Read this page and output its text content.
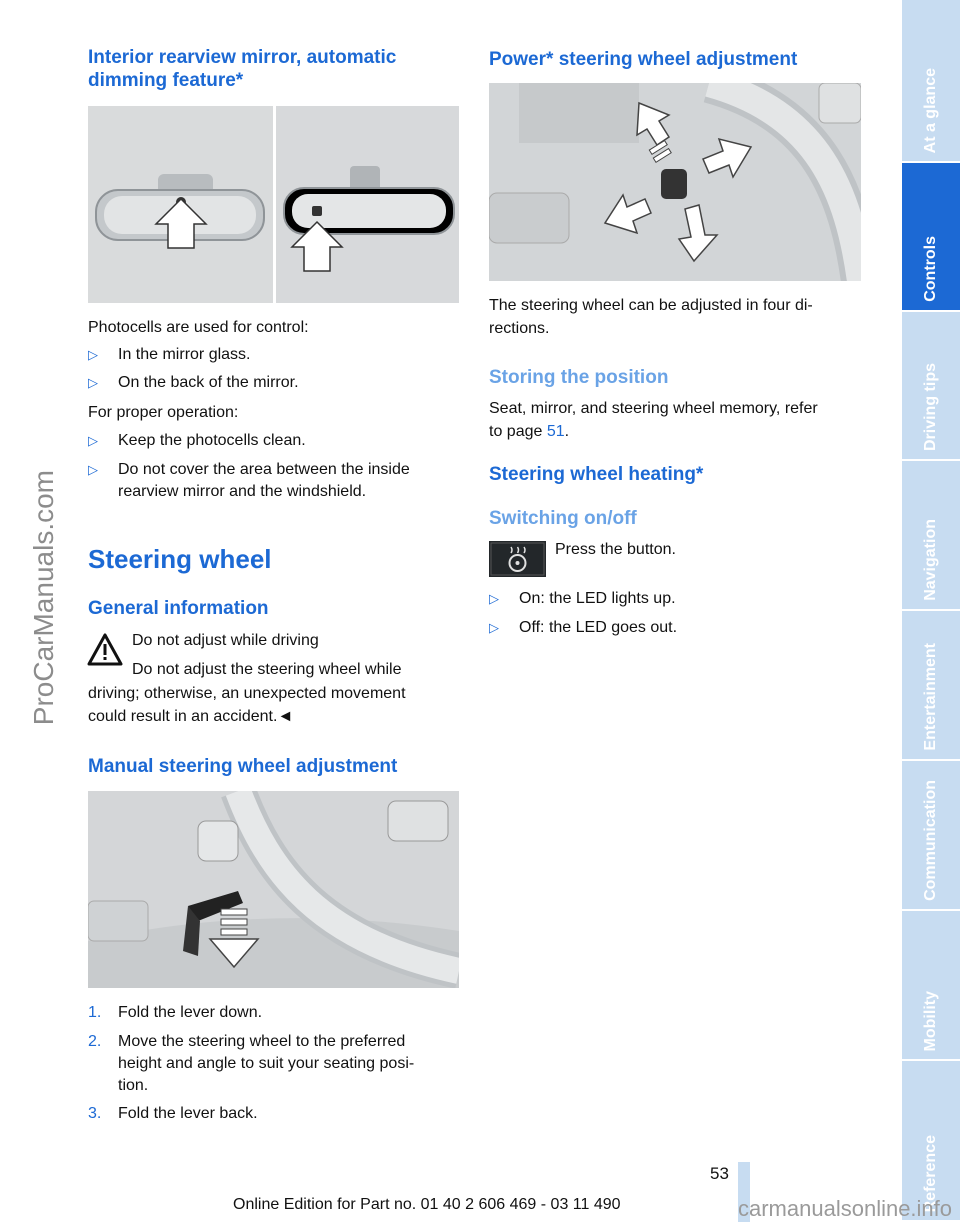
ProCarManuals.com
Interior rearview mirror, automatic
dimming feature*
Photocells are used for control:
▷ In the mirror glass.
▷ On the back of the mirror.
For proper operation:
▷ Keep the photocells clean.
▷ Do not cover the area between the inside
rearview mirror and the windshield.
Steering wheel
General information
Do not adjust while driving
Do not adjust the steering wheel while
driving; otherwise, an unexpected movement
could result in an accident.◄
Manual steering wheel adjustment
1. Fold the lever down.
2. Move the steering wheel to the preferred
height and angle to suit your seating posi-
tion.
3. Fold the lever back.
Power* steering wheel adjustment
The steering wheel can be adjusted in four di-
rections.
Storing the position
Seat, mirror, and steering wheel memory, refer
to page 51.
Steering wheel heating*
Switching on/off
Press the button.
▷ On: the LED lights up.
▷ Off: the LED goes out.
At a glance
Controls
Driving tips
Navigation
Entertainment
Communication
Mobility
Reference
53
Online Edition for Part no. 01 40 2 606 469 - 03 11 490	carmanualsonline.info
